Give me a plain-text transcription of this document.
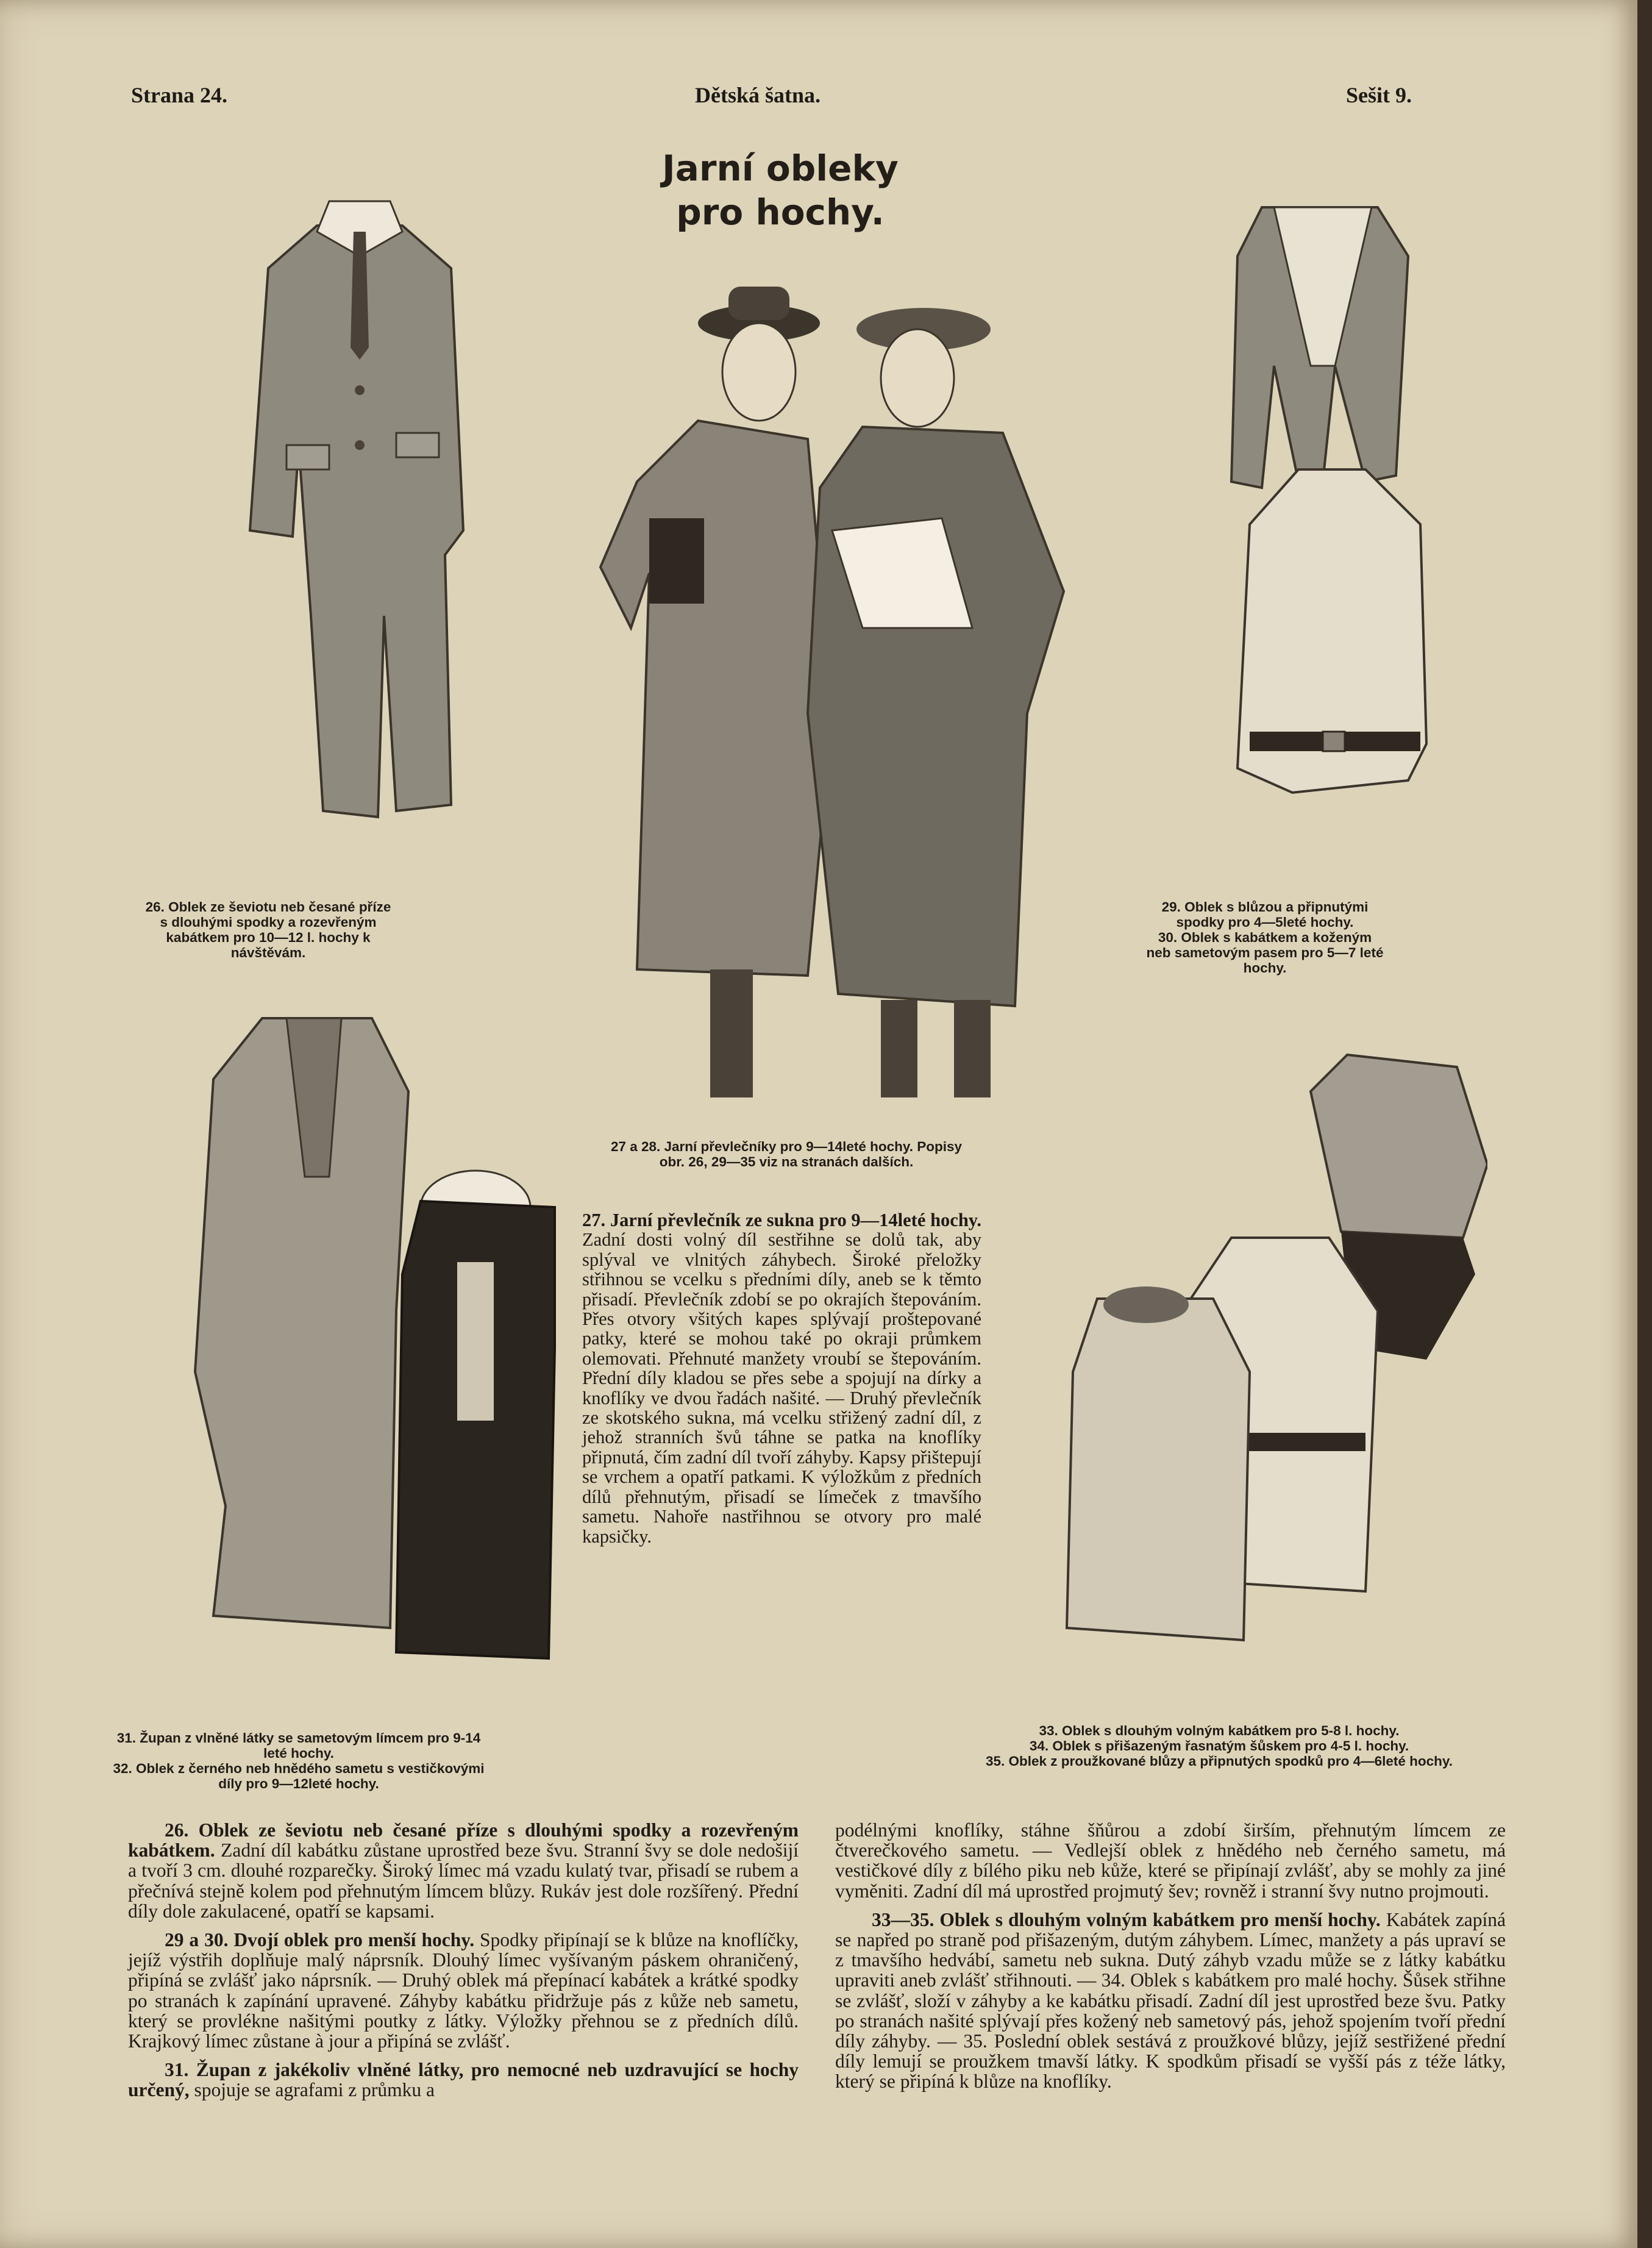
Strana 24.	Dětská šatna.	Sešit 9.
Jarní obleky
pro hochy.
26. Oblek ze ševiotu neb česané příze s dlouhými spodky a rozevřeným kabátkem pro 10—12 l. hochy k návštěvám.

29. Oblek s blůzou a připnutými spodky pro 4—5leté hochy.

30. Oblek s kabátkem a koženým neb sametovým pasem pro 5—7 leté hochy.

27 a 28. Jarní převlečníky pro 9—14leté hochy. Popisy

obr. 26, 29—35 viz na stranách dalších.

31. Župan z vlněné látky se sametovým límcem pro 9-14 leté hochy.

32. Oblek z černého neb hnědého sametu s vestičkovými díly pro 9—12leté hochy.

33. Oblek s dlouhým volným kabátkem pro 5-8 l. hochy.

34. Oblek s přišazeným řasnatým šůskem pro 4-5 l. hochy.

35. Oblek z proužkované blůzy a připnutých spodků pro 4—6leté hochy.

27. Jarní převlečník ze sukna pro 9—14leté hochy. Zadní dosti volný díl sestřihne se dolů tak, aby splýval ve vlnitých záhybech. Široké přeložky střihnou se vcelku s předními díly, aneb se k těmto přisadí. Převlečník zdobí se po okrajích štepováním. Přes otvory všitých kapes splývají proštepované patky, které se mohou také po okraji průmkem olemovati. Přehnuté manžety vroubí se štepováním. Přední díly kladou se přes sebe a spojují na dírky a knoflíky ve dvou řadách našité. — Druhý převlečník ze skotského sukna, má vcelku střižený zadní díl, z jehož stranních švů táhne se patka na knoflíky připnutá, čím zadní díl tvoří záhyby. Kapsy přištepují se vrchem a opatří patkami. K výložkům z předních dílů přehnutým, přisadí se límeček z tmavšího sametu. Nahoře nastřihnou se otvory pro malé kapsičky.

26. Oblek ze ševiotu neb česané příze s dlouhými spodky a rozevřeným kabátkem. Zadní díl kabátku zůstane uprostřed beze švu. Stranní švy se dole nedošijí a tvoří 3 cm. dlouhé rozparečky. Široký límec má vzadu kulatý tvar, přisadí se rubem a přečnívá stejně kolem pod přehnutým límcem blůzy. Rukáv jest dole rozšířený. Přední díly dole zakulacené, opatří se kapsami.

29 a 30. Dvojí oblek pro menší hochy. Spodky připínají se k blůze na knoflíčky, jejíž výstřih doplňuje malý náprsník. Dlouhý límec vyšívaným páskem ohraničený, připíná se zvlášť jako náprsník. — Druhý oblek má přepínací kabátek a krátké spodky po stranách k zapínání upravené. Záhyby kabátku přidržuje pás z kůže neb sametu, který se provlékne našitými poutky z látky. Výložky přehnou se z předních dílů. Krajkový límec zůstane à jour a připíná se zvlášť.

31. Župan z jakékoliv vlněné látky, pro nemocné neb uzdravující se hochy určený, spojuje se agrafami z průmku a

podélnými knoflíky, stáhne šňůrou a zdobí širším, přehnutým límcem ze čtverečkového sametu. — Vedlejší oblek z hnědého neb černého sametu, má vestičkové díly z bílého piku neb kůže, které se připínají zvlášť, aby se mohly za jiné vyměniti. Zadní díl má uprostřed projmutý šev; rovněž i stranní švy nutno projmouti.

33—35. Oblek s dlouhým volným kabátkem pro menší hochy. Kabátek zapíná se napřed po straně pod přišazeným, dutým záhybem. Límec, manžety a pás upraví se z tmavšího hedvábí, sametu neb sukna. Dutý záhyb vzadu může se z látky kabátku upraviti aneb zvlášť střihnouti. — 34. Oblek s kabátkem pro malé hochy. Šůsek střihne se zvlášť, složí v záhyby a ke kabátku přisadí. Zadní díl jest uprostřed beze švu. Patky po stranách našité splývají přes kožený neb sametový pás, jehož spojením tvoří přední díly záhyby. — 35. Poslední oblek sestává z proužkové blůzy, jejíž sestřižené přední díly lemují se proužkem tmavší látky. K spodkům přisadí se vyšší pás z téže látky, který se připíná k blůze na knoflíky.
